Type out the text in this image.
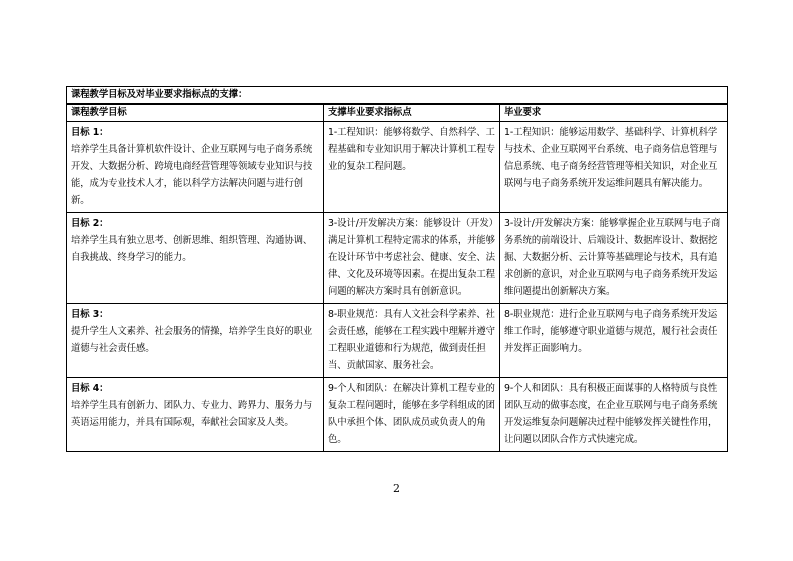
课程教学目标及对毕业要求指标点的支撑：		
课程教学目标	支撑毕业要求指标点	毕业要求

目标 1：
培养学生具备计算机软件设计、企业互联网与电子商务系统开发、大数据分析、跨境电商经营管理等领域专业知识与技能，成为专业技术人才，能以科学方法解决问题与进行创新。	1-工程知识：能够将数学、自然科学、工程基础和专业知识用于解决计算机工程专业的复杂工程问题。	1-工程知识：能够运用数学、基础科学、计算机科学与技术、企业互联网平台系统、电子商务信息管理与信息系统、电子商务经营管理等相关知识，对企业互联网与电子商务系统开发运维问题具有解决能力。

目标 2：
培养学生具有独立思考、创新思维、组织管理、沟通协调、自我挑战、终身学习的能力。	3-设计/开发解决方案：能够设计（开发）满足计算机工程特定需求的体系，并能够在设计环节中考虑社会、健康、安全、法律、文化及环境等因素。在提出复杂工程问题的解决方案时具有创新意识。	3-设计/开发解决方案：能够掌握企业互联网与电子商务系统的前端设计、后端设计、数据库设计、数据挖掘、大数据分析、云计算等基础理论与技术，具有追求创新的意识，对企业互联网与电子商务系统开发运维问题提出创新解决方案。

目标 3：
提升学生人文素养、社会服务的情操，培养学生良好的职业道德与社会责任感。	8-职业规范：具有人文社会科学素养、社会责任感，能够在工程实践中理解并遵守工程职业道德和行为规范，做到责任担当、贡献国家、服务社会。	8-职业规范：进行企业互联网与电子商务系统开发运维工作时，能够遵守职业道德与规范，履行社会责任并发挥正面影响力。

目标 4：
培养学生具有创新力、团队力、专业力、跨界力、服务力与英语运用能力，并具有国际观，奉献社会国家及人类。	9-个人和团队：在解决计算机工程专业的复杂工程问题时，能够在多学科组成的团队中承担个体、团队成员或负责人的角色。	9-个人和团队：具有积极正面谋事的人格特质与良性团队互动的做事态度，在企业互联网与电子商务系统开发运维复杂问题解决过程中能够发挥关键性作用，让问题以团队合作方式快速完成。
2
